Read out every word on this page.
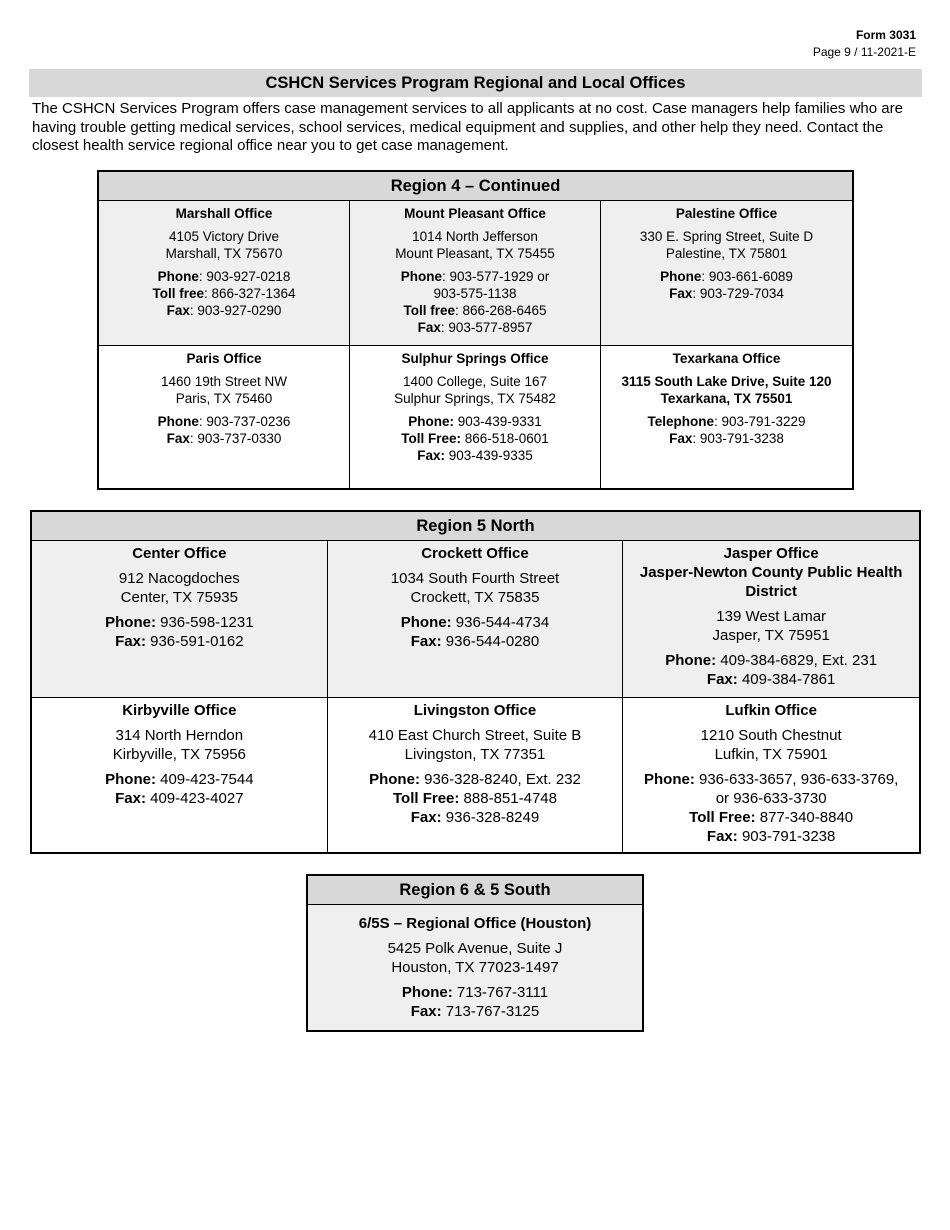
Form 3031
Page 9 / 11-2021-E
CSHCN Services Program Regional and Local Offices
The CSHCN Services Program offers case management services to all applicants at no cost. Case managers help families who are having trouble getting medical services, school services, medical equipment and supplies, and other help they need. Contact the closest health service regional office near you to get case management.
Region 4 – Continued

Marshall Office

4105 Victory Drive

Marshall, TX 75670

Phone: 903-927-0218

Toll free: 866-327-1364

Fax: 903-927-0290

Mount Pleasant Office

1014 North Jefferson

Mount Pleasant, TX 75455

Phone: 903-577-1929 or

903-575-1138

Toll free: 866-268-6465

Fax: 903-577-8957

Palestine Office

330 E. Spring Street, Suite D

Palestine, TX 75801

Phone: 903-661-6089

Fax: 903-729-7034

Paris Office

1460 19th Street NW

Paris, TX 75460

Phone: 903-737-0236

Fax: 903-737-0330

Sulphur Springs Office

1400 College, Suite 167

Sulphur Springs, TX 75482

Phone: 903-439-9331

Toll Free: 866-518-0601

Fax: 903-439-9335

Texarkana Office

3115 South Lake Drive, Suite 120

Texarkana, TX 75501

Telephone: 903-791-3229

Fax: 903-791-3238

Region 5 North

Center Office

912 Nacogdoches

Center, TX 75935

Phone: 936-598-1231

Fax: 936-591-0162

Crockett Office

1034 South Fourth Street

Crockett, TX 75835

Phone: 936-544-4734

Fax: 936-544-0280

Jasper Office

Jasper-Newton County Public Health District

139 West Lamar

Jasper, TX 75951

Phone: 409-384-6829, Ext. 231

Fax: 409-384-7861

Kirbyville Office

314 North Herndon

Kirbyville, TX 75956

Phone: 409-423-7544

Fax: 409-423-4027

Livingston Office

410 East Church Street, Suite B

Livingston, TX 77351

Phone: 936-328-8240, Ext. 232

Toll Free: 888-851-4748

Fax: 936-328-8249

Lufkin Office

1210 South Chestnut

Lufkin, TX 75901

Phone: 936-633-3657, 936-633-3769,

or 936-633-3730

Toll Free: 877-340-8840

Fax: 903-791-3238

Region 6 & 5 South

6/5S – Regional Office (Houston)

5425 Polk Avenue, Suite J

Houston, TX 77023-1497

Phone: 713-767-3111

Fax: 713-767-3125
